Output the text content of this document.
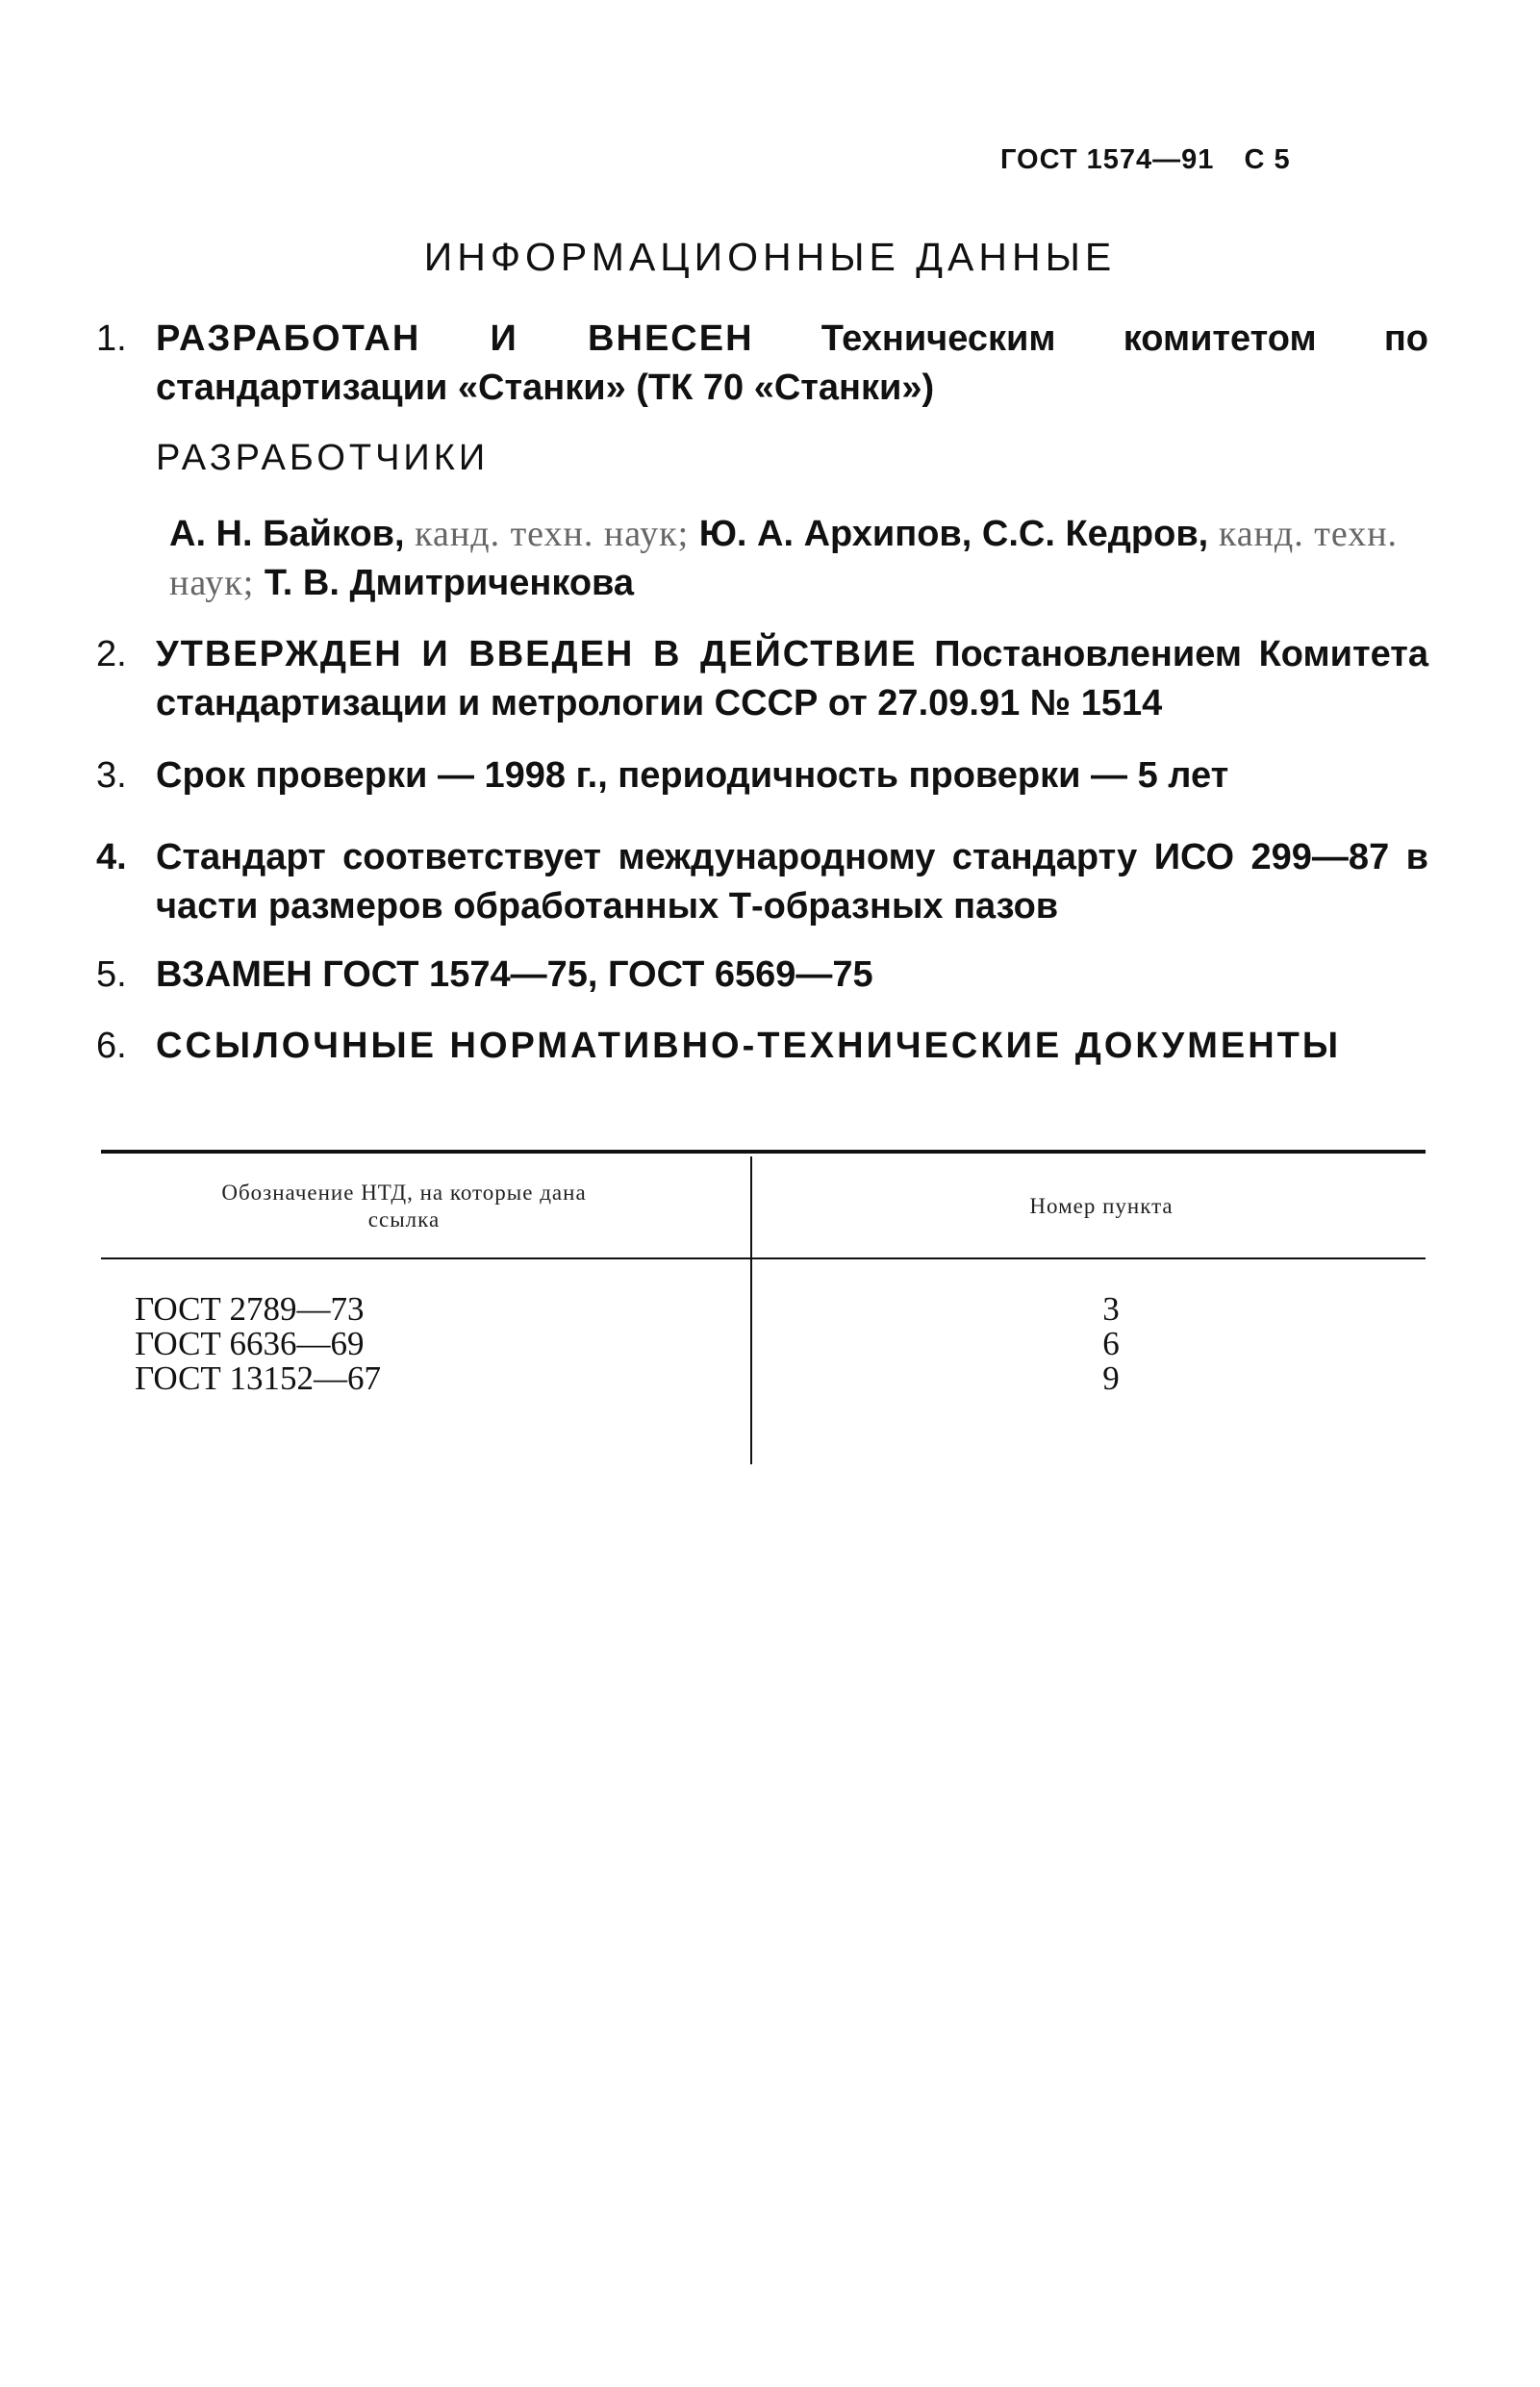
ГОСТ 1574—91 С 5
ИНФОРМАЦИОННЫЕ ДАННЫЕ
1. РАЗРАБОТАН И ВНЕСЕН Техническим комитетом по стандартизации «Станки» (ТК 70 «Станки»)
РАЗРАБОТЧИКИ
А. Н. Байков, канд. техн. наук; Ю. А. Архипов, С.С. Кедров, канд. техн. наук; Т. В. Дмитриченкова
2. УТВЕРЖДЕН И ВВЕДЕН В ДЕЙСТВИЕ Постановлением Комитета стандартизации и метрологии СССР от 27.09.91 № 1514
3. Срок проверки — 1998 г., периодичность проверки — 5 лет
4. Стандарт соответствует международному стандарту ИСО 299—87 в части размеров обработанных Т-образных пазов
5. ВЗАМЕН ГОСТ 1574—75, ГОСТ 6569—75
6. ССЫЛОЧНЫЕ НОРМАТИВНО-ТЕХНИЧЕСКИЕ ДОКУМЕНТЫ
Обозначение НТД, на которые дана ссылка
Номер пункта
ГОСТ 2789—73
ГОСТ 6636—69
ГОСТ 13152—67
3
6
9
